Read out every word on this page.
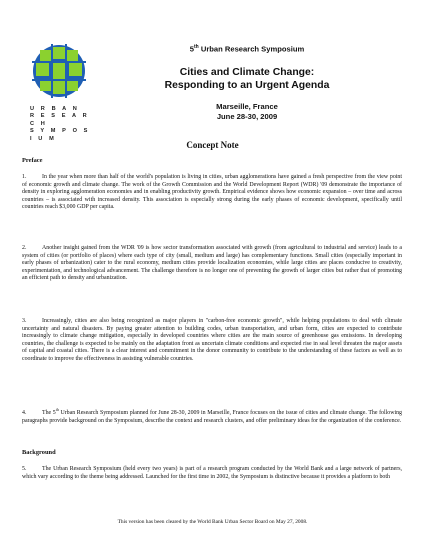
U R B A N
R E S E A R C H
S Y M P O S I U M
5th Urban Research Symposium
Cities and Climate Change:
Responding to an Urgent Agenda
Marseille, France
June 28-30, 2009
Concept Note
Preface

1.	In the year when more than half of the world's population is living in cities, urban agglomerations have gained a fresh perspective from the view point of economic growth and climate change. The work of the Growth Commission and the World Development Report (WDR) '09 demonstrate the importance of density in exploring agglomeration economies and in enabling productivity growth. Empirical evidence shows how economic expansion – over time and across countries – is associated with increased density. This association is especially strong during the early phases of economic development, specifically until countries reach $3,000 GDP per capita.

2.	Another insight gained from the WDR '09 is how sector transformation associated with growth (from agricultural to industrial and service) leads to a system of cities (or portfolio of places) where each type of city (small, medium and large) has complementary functions. Small cities (especially important in early phases of urbanization) cater to the rural economy, medium cities provide localization economies, while large cities are places conducive to creativity, experimentation, and technological advancement. The challenge therefore is no longer one of preventing the growth of larger cities but rather that of promoting an efficient path to density and urbanization.

3.	Increasingly, cities are also being recognized as major players in "carbon-free economic growth", while helping populations to deal with climate uncertainty and natural disasters. By paying greater attention to building codes, urban transportation, and urban form, cities are expected to contribute increasingly to climate change mitigation, especially in developed countries where cities are the main source of greenhouse gas emissions. In developing countries, the challenge is expected to be mainly on the adaptation front as uncertain climate conditions and expected rise in seal level threaten the major assets of capital and coastal cities. There is a clear interest and commitment in the donor community to contribute to the understanding of these factors as well as to coordinate to improve the effectiveness in assisting vulnerable countries.

4.	The 5th Urban Research Symposium planned for June 28-30, 2009 in Marseille, France focuses on the issue of cities and climate change. The following paragraphs provide background on the Symposium, describe the context and research clusters, and offer preliminary ideas for the organization of the conference.

Background

5.	The Urban Research Symposium (held every two years) is part of a research program conducted by the World Bank and a large network of partners, which vary according to the theme being addressed. Launched for the first time in 2002, the Symposium is distinctive because it provides a platform to both

This version has been cleared by the World Bank Urban Sector Board on May 27, 2008.
